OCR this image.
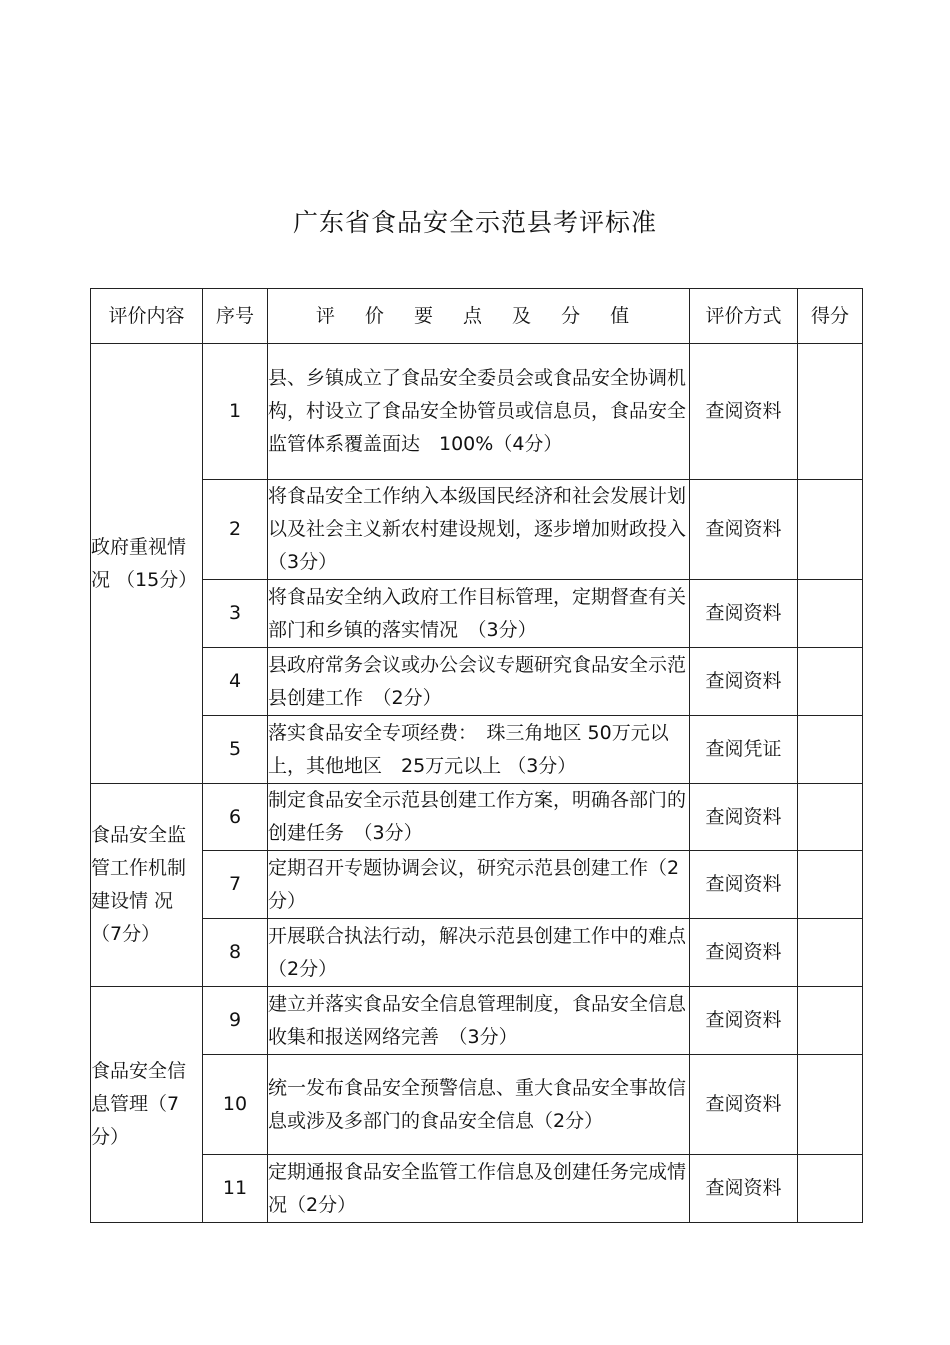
广东省食品安全示范县考评标准
评价内容	序号	评 价 要 点 及 分 值	评价方式	得分
政府重视情况 （15分）	1	县、乡镇成立了食品安全委员会或食品安全协调机构，村设立了食品安全协管员或信息员，食品安全监管体系覆盖面达　100%（4分）	查阅资料	
	2	将食品安全工作纳入本级国民经济和社会发展计划以及社会主义新农村建设规划，逐步增加财政投入　（3分）	查阅资料	
	3	将食品安全纳入政府工作目标管理，定期督查有关部门和乡镇的落实情况　（3分）	查阅资料	
	4	县政府常务会议或办公会议专题研究食品安全示范县创建工作　（2分）	查阅资料	
	5	落实食品安全专项经费：　珠三角地区 50万元以上，其他地区　25万元以上 （3分）	查阅凭证	
食品安全监管工作机制建设情 况 （7分）	6	制定食品安全示范县创建工作方案，明确各部门的创建任务　（3分）	查阅资料	
	7	定期召开专题协调会议，研究示范县创建工作（2分）	查阅资料	
	8	开展联合执法行动，解决示范县创建工作中的难点（2分）	查阅资料	
食品安全信息管理（7分）	9	建立并落实食品安全信息管理制度，食品安全信息收集和报送网络完善　（3分）	查阅资料	
	10	统一发布食品安全预警信息、重大食品安全事故信息或涉及多部门的食品安全信息（2分）	查阅资料	
	11	定期通报食品安全监管工作信息及创建任务完成情况（2分）	查阅资料	
